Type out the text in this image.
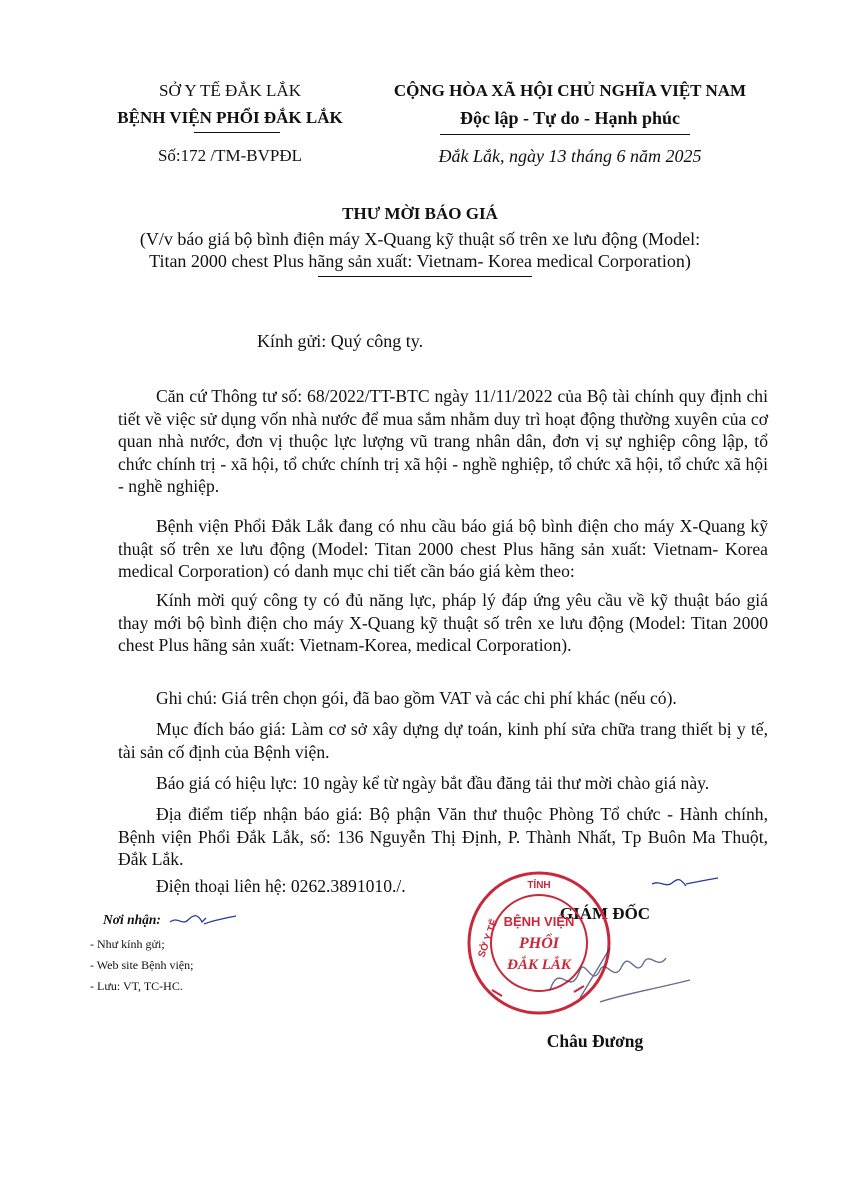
SỞ Y TẾ ĐẮK LẮK
BỆNH VIỆN PHỔI ĐẮK LẮK
Số:172 /TM-BVPĐL
CỘNG HÒA XÃ HỘI CHỦ NGHĨA VIỆT NAM
Độc lập - Tự do - Hạnh phúc
Đắk Lắk, ngày 13 tháng 6 năm 2025
THƯ MỜI BÁO GIÁ
(V/v báo giá bộ bình điện máy X-Quang kỹ thuật số trên xe lưu động (Model:
Titan 2000 chest Plus hãng sản xuất: Vietnam- Korea medical Corporation)
Kính gửi: Quý công ty.
Căn cứ Thông tư số: 68/2022/TT-BTC ngày 11/11/2022 của Bộ tài chính quy định chi tiết về việc sử dụng vốn nhà nước để mua sắm nhằm duy trì hoạt động thường xuyên của cơ quan nhà nước, đơn vị thuộc lực lượng vũ trang nhân dân, đơn vị sự nghiệp công lập, tổ chức chính trị - xã hội, tổ chức chính trị xã hội - nghề nghiệp, tổ chức xã hội, tổ chức xã hội - nghề nghiệp.
Bệnh viện Phổi Đắk Lắk đang có nhu cầu báo giá bộ bình điện cho máy X-Quang kỹ thuật số trên xe lưu động (Model: Titan 2000 chest Plus hãng sản xuất: Vietnam- Korea medical Corporation) có danh mục chi tiết cần báo giá kèm theo:
Kính mời quý công ty có đủ năng lực, pháp lý đáp ứng yêu cầu về kỹ thuật báo giá thay mới bộ bình điện cho máy X-Quang kỹ thuật số trên xe lưu động (Model: Titan 2000 chest Plus hãng sản xuất: Vietnam-Korea, medical Corporation).
Ghi chú: Giá trên chọn gói, đã bao gồm VAT và các chi phí khác (nếu có).
Mục đích báo giá: Làm cơ sở xây dựng dự toán, kinh phí sửa chữa trang thiết bị y tế, tài sản cố định của Bệnh viện.
Báo giá có hiệu lực: 10 ngày kể từ ngày bắt đầu đăng tải thư mời chào giá này.
Địa điểm tiếp nhận báo giá: Bộ phận Văn thư thuộc Phòng Tổ chức - Hành chính, Bệnh viện Phổi Đắk Lắk, số: 136 Nguyễn Thị Định, P. Thành Nhất, Tp Buôn Ma Thuột, Đắk Lắk.
Điện thoại liên hệ: 0262.3891010./.
Nơi nhận:
- Như kính gửi;
- Web site Bệnh viện;
- Lưu: VT, TC-HC.
GIÁM ĐỐC
TỈNH
SỞ Y TẾ BỆNH VIỆN
PHỔI
ĐẮK LẮK
Châu Đương
